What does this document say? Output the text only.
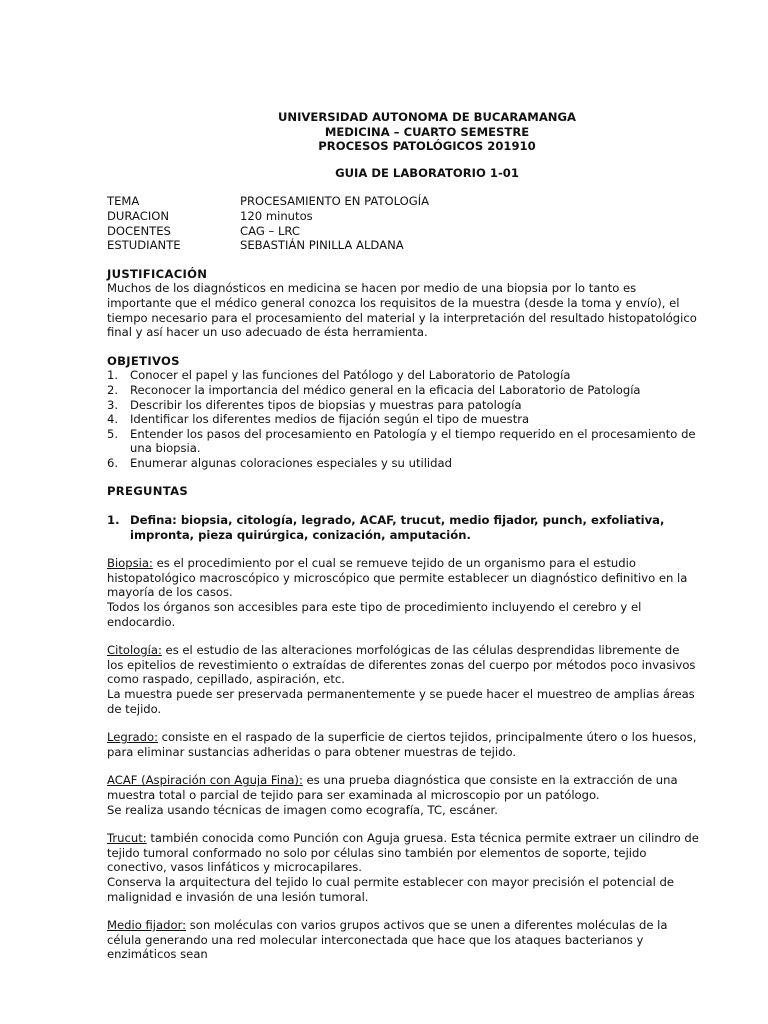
UNIVERSIDAD AUTONOMA DE BUCARAMANGA
MEDICINA – CUARTO SEMESTRE
PROCESOS PATOLÓGICOS 201910
GUIA DE LABORATORIO 1-01
TEMA	PROCESAMIENTO EN PATOLOGÍA
DURACION	120 minutos
DOCENTES	CAG – LRC
ESTUDIANTE	SEBASTIÁN PINILLA ALDANA
JUSTIFICACIÓN

Muchos de los diagnósticos en medicina se hacen por medio de una biopsia por lo tanto es importante que el médico general conozca los requisitos de la muestra (desde la toma y envío), el tiempo necesario para el procesamiento del material y la interpretación del resultado histopatológico final y así hacer un uso adecuado de ésta herramienta.

OBJETIVOS
1.	Conocer el papel y las funciones del Patólogo y del Laboratorio de Patología
2.	Reconocer la importancia del médico general en la eficacia del Laboratorio de Patología
3.	Describir los diferentes tipos de biopsias y muestras para patología
4.	Identificar los diferentes medios de fijación según el tipo de muestra
5.	Entender los pasos del procesamiento en Patología y el tiempo requerido en el procesamiento de una biopsia.
6.	Enumerar algunas coloraciones especiales y su utilidad
PREGUNTAS
1. Defina: biopsia, citología, legrado, ACAF, trucut, medio fijador, punch, exfoliativa, impronta, pieza quirúrgica, conización, amputación.

Biopsia: es el procedimiento por el cual se remueve tejido de un organismo para el estudio histopatológico macroscópico y microscópico que permite establecer un diagnóstico definitivo en la mayoría de los casos.

Todos los órganos son accesibles para este tipo de procedimiento incluyendo el cerebro y el endocardio.

Citología: es el estudio de las alteraciones morfológicas de las células desprendidas libremente de los epitelios de revestimiento o extraídas de diferentes zonas del cuerpo por métodos poco invasivos como raspado, cepillado, aspiración, etc.

La muestra puede ser preservada permanentemente y se puede hacer el muestreo de amplias áreas de tejido.

Legrado: consiste en el raspado de la superficie de ciertos tejidos, principalmente útero o los huesos, para eliminar sustancias adheridas o para obtener muestras de tejido.

ACAF (Aspiración con Aguja Fina): es una prueba diagnóstica que consiste en la extracción de una muestra total o parcial de tejido para ser examinada al microscopio por un patólogo.

Se realiza usando técnicas de imagen como ecografía, TC, escáner.

Trucut: también conocida como Punción con Aguja gruesa. Esta técnica permite extraer un cilindro de tejido tumoral conformado no solo por células sino también por elementos de soporte, tejido conectivo, vasos linfáticos y microcapilares.

Conserva la arquitectura del tejido lo cual permite establecer con mayor precisión el potencial de malignidad e invasión de una lesión tumoral.

Medio fijador: son moléculas con varios grupos activos que se unen a diferentes moléculas de la célula generando una red molecular interconectada que hace que los ataques bacterianos y enzimáticos sean
